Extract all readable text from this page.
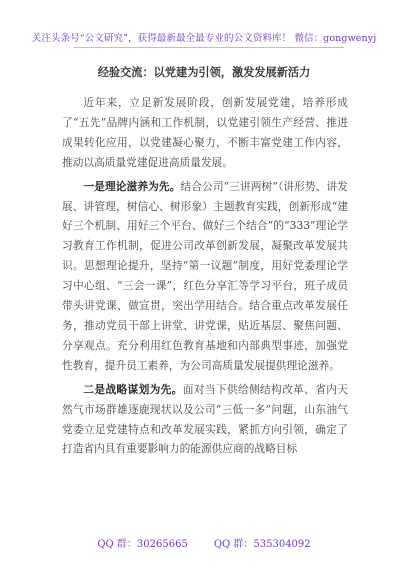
关注头条号“公文研究”，获得最新最全最专业的公文资料库！ 微信：gongwenyj
经验交流：以党建为引领，激发发展新活力

近年来，立足新发展阶段，创新发展党建，培养形成了“五先”品牌内涵和工作机制，以党建引领生产经营、推进成果转化应用，以党建凝心聚力，不断丰富党建工作内容，推动以高质量党建促进高质量发展。

一是理论滋养为先。结合公司“三讲两树”（讲形势、讲发展、讲管理，树信心、树形象）主题教育实践，创新形成“建好三个机制、用好三个平台、做好三个结合”的“333”理论学习教育工作机制，促进公司改革创新发展，凝聚改革发展共识。思想理论提升，坚持“第一议题”制度，用好党委理论学习中心组、“三会一课”，红色分享汇等学习平台，班子成员带头讲党课、做宣贯，突出学用结合。结合重点改革发展任务，推动党员干部上讲堂、讲党课，贴近基层、聚焦问题、分享观点。充分利用红色教育基地和内部典型事迹，加强党性教育，提升员工素养，为公司高质量发展提供理论滋养。

二是战略谋划为先。面对当下供给侧结构改革、省内天然气市场群雄逐鹿现状以及公司“三低一多”问题，山东油气党委立足党建特点和改革发展实践，紧抓方向引领，确定了打造省内具有重要影响力的能源供应商的战略目标

QQ 群：30265665	QQ 群：535304092
